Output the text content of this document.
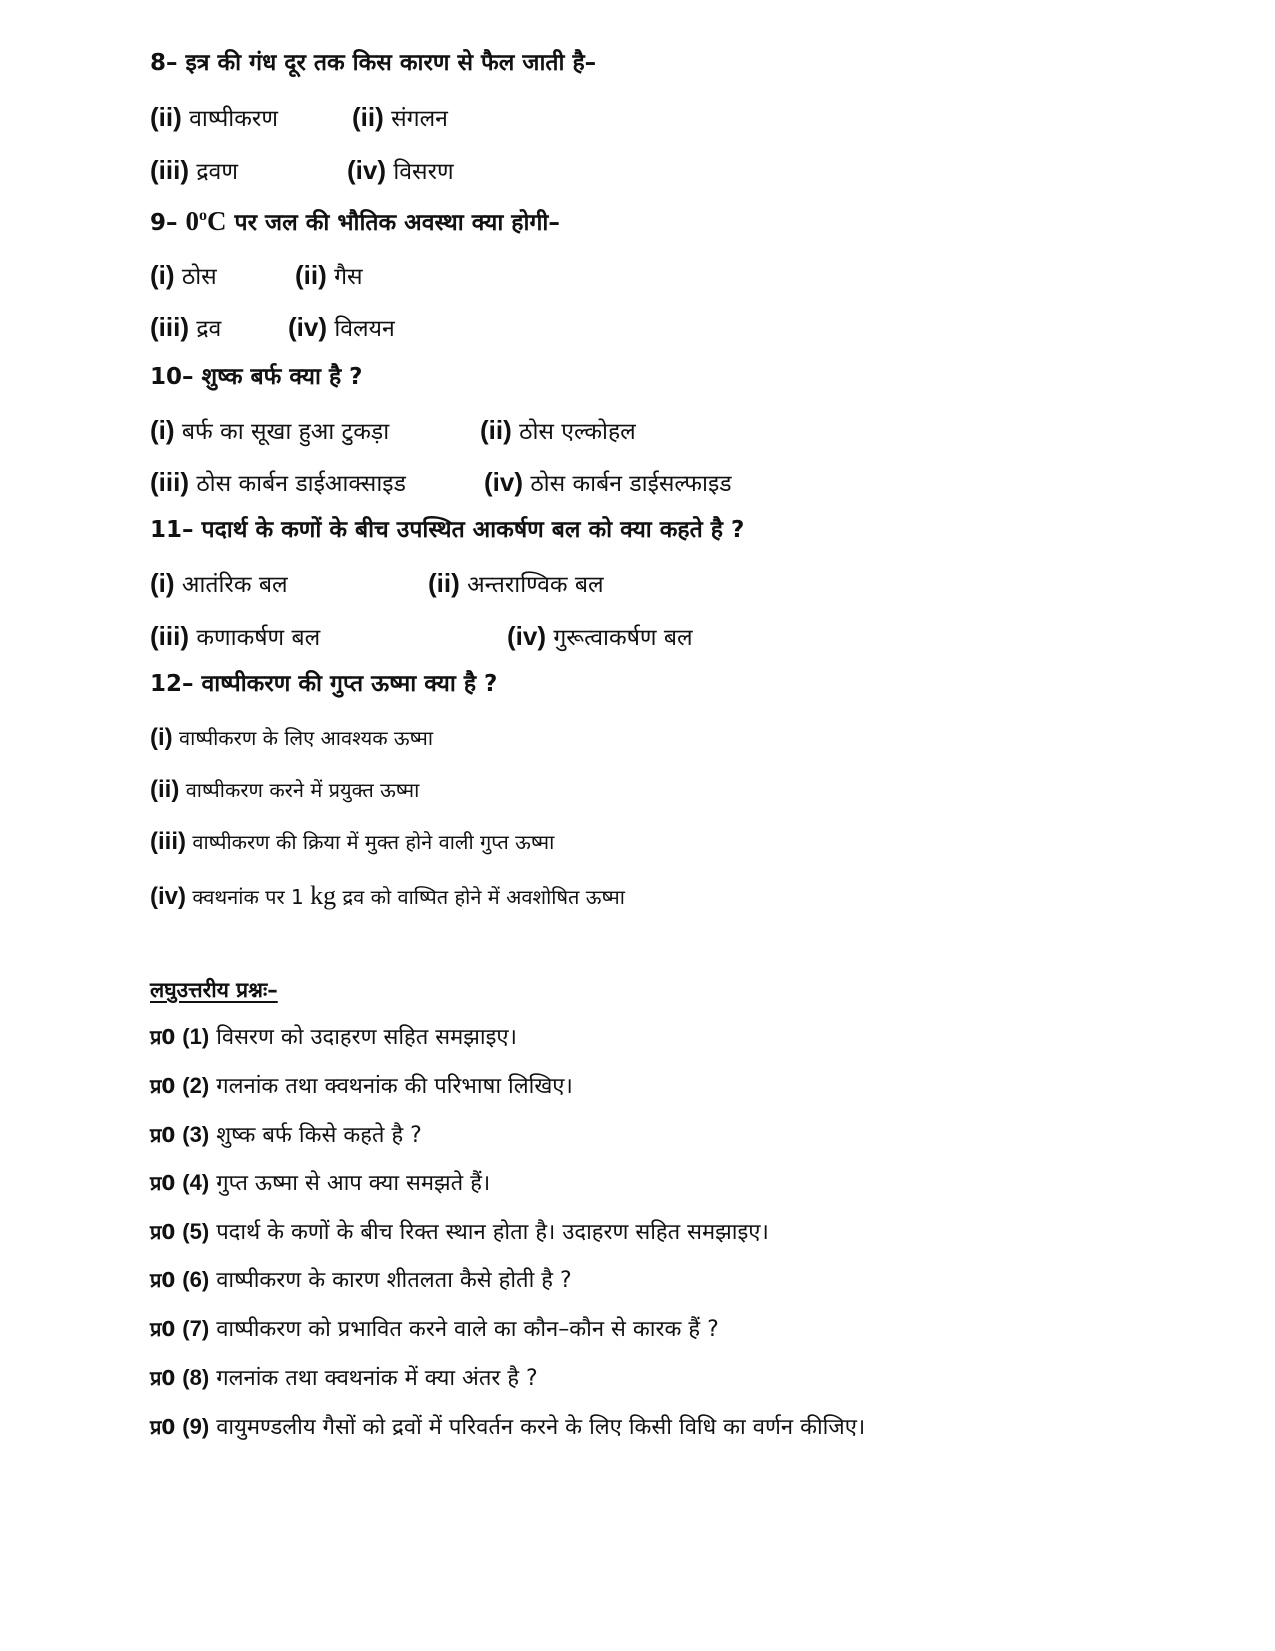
8– इत्र की गंध दूर तक किस कारण से फैल जाती है–
(ii) वाष्पीकरण	(ii) संगलन
(iii) द्रवण	(iv) विसरण
9– 0$^o$C पर जल की भौतिक अवस्था क्या होगी–
(i) ठोस	(ii) गैस
(iii) द्रव	(iv) विलयन
10– शुष्क बर्फ क्या है ?
(i) बर्फ का सूखा हुआ टुकड़ा	(ii) ठोस एल्कोहल
(iii) ठोस कार्बन डाईआक्साइड	(iv) ठोस कार्बन डाईसल्फाइड
11– पदार्थ के कणों के बीच उपस्थित आकर्षण बल को क्या कहते है ?
(i) आतंरिक बल	(ii) अन्तराण्विक बल
(iii) कणाकर्षण बल	(iv) गुरूत्वाकर्षण बल
12– वाष्पीकरण की गुप्त ऊष्मा क्या है ?
(i) वाष्पीकरण के लिए आवश्यक ऊष्मा
(ii) वाष्पीकरण करने में प्रयुक्त ऊष्मा
(iii) वाष्पीकरण की क्रिया में मुक्त होने वाली गुप्त ऊष्मा
(iv) क्वथनांक पर 1 kg द्रव को वाष्पित होने में अवशोषित ऊष्मा
लघुउत्तरीय प्रश्नः–
प्र0 (1) विसरण को उदाहरण सहित समझाइए।
प्र0 (2) गलनांक तथा क्वथनांक की परिभाषा लिखिए।
प्र0 (3) शुष्क बर्फ किसे कहते है ?
प्र0 (4) गुप्त ऊष्मा से आप क्या समझते हैं।
प्र0 (5) पदार्थ के कणों के बीच रिक्त स्थान होता है। उदाहरण सहित समझाइए।
प्र0 (6) वाष्पीकरण के कारण शीतलता कैसे होती है ?
प्र0 (7) वाष्पीकरण को प्रभावित करने वाले का कौन–कौन से कारक हैं ?
प्र0 (8) गलनांक तथा क्वथनांक में क्या अंतर है ?
प्र0 (9) वायुमण्डलीय गैसों को द्रवों में परिवर्तन करने के लिए किसी विधि का वर्णन कीजिए।
